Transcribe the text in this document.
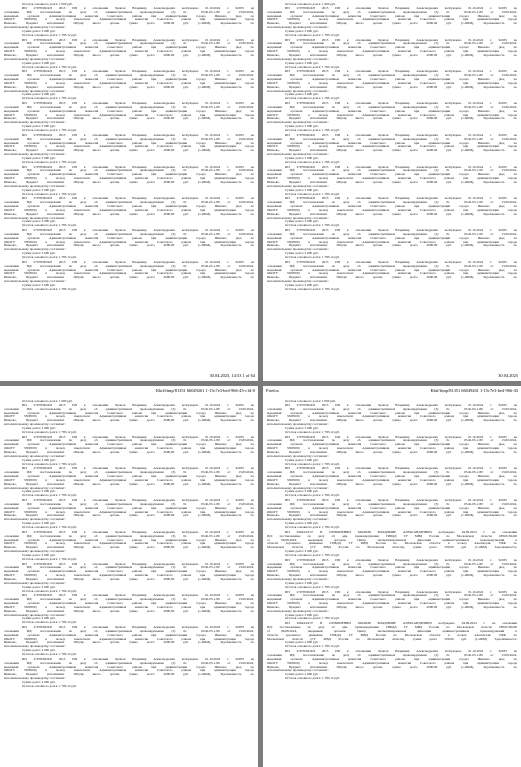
Остаток основного долга: 1 000 руб.
ИП 27978/0024/8 2015 ИП в отношении Храпов Владимир Александрович возбуждено 01.10.2024 г. 62035 на
основании ИД: постановление по делу об административном правонарушении (3) № 03-Ф-05-1-80 от 13.09.2024,
выданный органом: Административная комиссия Советского района при администрации города Иваново (код по
ОКОГУ 3300500) в пользу взыскателя: Административная комиссия Советского района при администрации города
Иваново, Предмет исполнения: Штраф иного органа, сумма долга 2000,00 руб. (1-ОБМ), Задолженность по
исполнительному производству составляет:
Сумма долга: 2 000 руб.
Остаток основного долга: 1 783.12 руб.
ИП 27978/0024/8 2015 ИП в отношении Храпов Владимир Александрович возбуждено 01.10.2024 г. 62035 на
основании ИД: постановление по делу об административном правонарушении (3) № 03-Ф-05-1-80 от 13.09.2024,
выданный органом: Административная комиссия Советского района при администрации города Иваново (код по
ОКОГУ 3300500) в пользу взыскателя: Административная комиссия Советского района при администрации города
Иваново, Предмет исполнения: Штраф иного органа, сумма долга 2000,00 руб. (1-ОБМ), Задолженность по
исполнительному производству составляет:
Сумма долга: 2 000 руб.
Остаток основного долга: 1 783.12 руб.
ИП 27978/0024/8 2015 ИП в отношении Храпов Владимир Александрович возбуждено 01.10.2024 г. 62035 на
основании ИД: постановление по делу об административном правонарушении (3) № 03-Ф-05-1-80 от 13.09.2024,
выданный органом: Административная комиссия Советского района при администрации города Иваново (код по
ОКОГУ 3300500) в пользу взыскателя: Административная комиссия Советского района при администрации города
Иваново, Предмет исполнения: Штраф иного органа, сумма долга 2000,00 руб. (1-ОБМ), Задолженность по
исполнительному производству составляет:
Сумма долга: 2 000 руб.
Остаток основного долга: 1 783.12 руб.
ИП 27978/0024/8 2015 ИП в отношении Храпов Владимир Александрович возбуждено 01.10.2024 г. 62035 на
основании ИД: постановление по делу об административном правонарушении (3) № 03-Ф-05-1-80 от 13.09.2024,
выданный органом: Административная комиссия Советского района при администрации города Иваново (код по
ОКОГУ 3300500) в пользу взыскателя: Административная комиссия Советского района при администрации города
Иваново, Предмет исполнения: Штраф иного органа, сумма долга 2000,00 руб. (1-ОБМ), Задолженность по
исполнительному производству составляет:
Сумма долга: 2 000 руб.
Остаток основного долга: 1 783.12 руб.
ИП 27978/0024/8 2015 ИП в отношении Храпов Владимир Александрович возбуждено 01.10.2024 г. 62035 на
основании ИД: постановление по делу об административном правонарушении (3) № 03-Ф-05-1-80 от 13.09.2024,
выданный органом: Административная комиссия Советского района при администрации города Иваново (код по
ОКОГУ 3300500) в пользу взыскателя: Административная комиссия Советского района при администрации города
Иваново, Предмет исполнения: Штраф иного органа, сумма долга 2000,00 руб. (1-ОБМ), Задолженность по
исполнительному производству составляет:
Сумма долга: 2 000 руб.
Остаток основного долга: 1 783.12 руб.
ИП 27978/0024/8 2015 ИП в отношении Храпов Владимир Александрович возбуждено 01.10.2024 г. 62035 на
основании ИД: постановление по делу об административном правонарушении (3) № 03-Ф-05-1-80 от 13.09.2024,
выданный органом: Административная комиссия Советского района при администрации города Иваново (код по
ОКОГУ 3300500) в пользу взыскателя: Административная комиссия Советского района при администрации города
Иваново, Предмет исполнения: Штраф иного органа, сумма долга 2000,00 руб. (1-ОБМ), Задолженность по
исполнительному производству составляет:
Сумма долга: 2 000 руб.
Остаток основного долга: 1 783.12 руб.
ИП 27978/0024/8 2015 ИП в отношении Храпов Владимир Александрович возбуждено 01.10.2024 г. 62035 на
основании ИД: постановление по делу об административном правонарушении (3) № 03-Ф-05-1-80 от 13.09.2024,
выданный органом: Административная комиссия Советского района при администрации города Иваново (код по
ОКОГУ 3300500) в пользу взыскателя: Административная комиссия Советского района при администрации города
Иваново, Предмет исполнения: Штраф иного органа, сумма долга 2000,00 руб. (1-ОБМ), Задолженность по
исполнительному производству составляет:
Сумма долга: 2 000 руб.
Остаток основного долга: 1 783.12 руб.
ИП 27978/0024/8 2015 ИП в отношении Храпов Владимир Александрович возбуждено 01.10.2024 г. 62035 на
основании ИД: постановление по делу об административном правонарушении (3) № 03-Ф-05-1-80 от 13.09.2024,
выданный органом: Административная комиссия Советского района при администрации города Иваново (код по
ОКОГУ 3300500) в пользу взыскателя: Административная комиссия Советского района при администрации города
Иваново, Предмет исполнения: Штраф иного органа, сумма долга 2000,00 руб. (1-ОБМ), Задолженность по
исполнительному производству составляет:
Сумма долга: 2 000 руб.
Остаток основного долга: 1 783.12 руб.
ИП 27978/0024/8 2015 ИП в отношении Храпов Владимир Александрович возбуждено 01.10.2024 г. 62035 на
основании ИД: постановление по делу об административном правонарушении (3) № 03-Ф-05-1-80 от 13.09.2024,
выданный органом: Административная комиссия Советского района при администрации города Иваново (код по
ОКОГУ 3300500) в пользу взыскателя: Административная комиссия Советского района при администрации города
Иваново, Предмет исполнения: Штраф иного органа, сумма долга 2000,00 руб. (1-ОБМ), Задолженность по
исполнительному производству составляет:
Сумма долга: 2 000 руб.
Остаток основного долга: 1 783.12 руб.
30.04.2025, 14:53 1 of 64
Остаток основного долга: 1 000 руб.
ИП 27978/0024/8 2015 ИП в отношении Храпов Владимир Александрович возбуждено 01.10.2024 г. 62035 на
основании ИД: постановление по делу об административном правонарушении (3) № 03-Ф-05-1-80 от 13.09.2024,
выданный органом: Административная комиссия Советского района при администрации города Иваново (код по
ОКОГУ 3300500) в пользу взыскателя: Административная комиссия Советского района при администрации города
Иваново, Предмет исполнения: Штраф иного органа, сумма долга 2000,00 руб. (1-ОБМ), Задолженность по
исполнительному производству составляет:
Сумма долга: 2 000 руб.
Остаток основного долга: 1 783.12 руб.
ИП 27978/0024/8 2015 ИП в отношении Храпов Владимир Александрович возбуждено 01.10.2024 г. 62035 на
основании ИД: постановление по делу об административном правонарушении (3) № 03-Ф-05-1-80 от 13.09.2024,
выданный органом: Административная комиссия Советского района при администрации города Иваново (код по
ОКОГУ 3300500) в пользу взыскателя: Административная комиссия Советского района при администрации города
Иваново, Предмет исполнения: Штраф иного органа, сумма долга 2000,00 руб. (1-ОБМ), Задолженность по
исполнительному производству составляет:
Сумма долга: 2 000 руб.
Остаток основного долга: 1 783.12 руб.
ИП 27978/0024/8 2015 ИП в отношении Храпов Владимир Александрович возбуждено 01.10.2024 г. 62035 на
основании ИД: постановление по делу об административном правонарушении (3) № 03-Ф-05-1-80 от 13.09.2024,
выданный органом: Административная комиссия Советского района при администрации города Иваново (код по
ОКОГУ 3300500) в пользу взыскателя: Административная комиссия Советского района при администрации города
Иваново, Предмет исполнения: Штраф иного органа, сумма долга 2000,00 руб. (1-ОБМ), Задолженность по
исполнительному производству составляет:
Сумма долга: 2 000 руб.
Остаток основного долга: 1 783.12 руб.
ИП 27978/0024/8 2015 ИП в отношении Храпов Владимир Александрович возбуждено 01.10.2024 г. 62035 на
основании ИД: постановление по делу об административном правонарушении (3) № 03-Ф-05-1-80 от 13.09.2024,
выданный органом: Административная комиссия Советского района при администрации города Иваново (код по
ОКОГУ 3300500) в пользу взыскателя: Административная комиссия Советского района при администрации города
Иваново, Предмет исполнения: Штраф иного органа, сумма долга 2000,00 руб. (1-ОБМ), Задолженность по
исполнительному производству составляет:
Сумма долга: 2 000 руб.
Остаток основного долга: 1 783.12 руб.
ИП 27978/0024/8 2015 ИП в отношении Храпов Владимир Александрович возбуждено 01.10.2024 г. 62035 на
основании ИД: постановление по делу об административном правонарушении (3) № 03-Ф-05-1-80 от 13.09.2024,
выданный органом: Административная комиссия Советского района при администрации города Иваново (код по
ОКОГУ 3300500) в пользу взыскателя: Административная комиссия Советского района при администрации города
Иваново, Предмет исполнения: Штраф иного органа, сумма долга 2000,00 руб. (1-ОБМ), Задолженность по
исполнительному производству составляет:
Сумма долга: 2 000 руб.
Остаток основного долга: 1 783.12 руб.
ИП 27978/0024/8 2015 ИП в отношении Храпов Владимир Александрович возбуждено 01.10.2024 г. 62035 на
основании ИД: постановление по делу об административном правонарушении (3) № 03-Ф-05-1-80 от 13.09.2024,
выданный органом: Административная комиссия Советского района при администрации города Иваново (код по
ОКОГУ 3300500) в пользу взыскателя: Административная комиссия Советского района при администрации города
Иваново, Предмет исполнения: Штраф иного органа, сумма долга 2000,00 руб. (1-ОБМ), Задолженность по
исполнительному производству составляет:
Сумма долга: 2 000 руб.
Остаток основного долга: 1 783.12 руб.
ИП 27978/0024/8 2015 ИП в отношении Храпов Владимир Александрович возбуждено 01.10.2024 г. 62035 на
основании ИД: постановление по делу об административном правонарушении (3) № 03-Ф-05-1-80 от 13.09.2024,
выданный органом: Административная комиссия Советского района при администрации города Иваново (код по
ОКОГУ 3300500) в пользу взыскателя: Административная комиссия Советского района при администрации города
Иваново, Предмет исполнения: Штраф иного органа, сумма долга 2000,00 руб. (1-ОБМ), Задолженность по
исполнительному производству составляет:
Сумма долга: 2 000 руб.
Остаток основного долга: 1 783.12 руб.
ИП 27978/0024/8 2015 ИП в отношении Храпов Владимир Александрович возбуждено 01.10.2024 г. 62035 на
основании ИД: постановление по делу об административном правонарушении (3) № 03-Ф-05-1-80 от 13.09.2024,
выданный органом: Административная комиссия Советского района при администрации города Иваново (код по
ОКОГУ 3300500) в пользу взыскателя: Административная комиссия Советского района при администрации города
Иваново, Предмет исполнения: Штраф иного органа, сумма долга 2000,00 руб. (1-ОБМ), Задолженность по
исполнительному производству составляет:
Сумма долга: 2 000 руб.
Остаток основного долга: 1 783.12 руб.
ИП 27978/0024/8 2015 ИП в отношении Храпов Владимир Александрович возбуждено 01.10.2024 г. 62035 на
основании ИД: постановление по делу об административном правонарушении (3) № 03-Ф-05-1-80 от 13.09.2024,
выданный органом: Административная комиссия Советского района при администрации города Иваново (код по
ОКОГУ 3300500) в пользу взыскателя: Административная комиссия Советского района при администрации города
Иваново, Предмет исполнения: Штраф иного органа, сумма долга 2000,00 руб. (1-ОБМ), Задолженность по
исполнительному производству составляет:
Сумма долга: 2 000 руб.
Остаток основного долга: 1 783.12 руб.
30.04.2025
Kbtf/ftmp/81351 66049261 1-15c7e3-be4-966-43-c1d-0
Остаток основного долга: 1 000 руб.
ИП 27978/0024/8 2015 ИП в отношении Храпов Владимир Александрович возбуждено 01.10.2024 г. 62035 на
основании ИД: постановление по делу об административном правонарушении (3) № 03-Ф-05-1-80 от 13.09.2024,
выданный органом: Административная комиссия Советского района при администрации города Иваново (код по
ОКОГУ 3300500) в пользу взыскателя: Административная комиссия Советского района при администрации города
Иваново, Предмет исполнения: Штраф иного органа, сумма долга 2000,00 руб. (1-ОБМ), Задолженность по
исполнительному производству составляет:
Сумма долга: 2 000 руб.
Остаток основного долга: 1 783.12 руб.
ИП 27978/0024/8 2015 ИП в отношении Храпов Владимир Александрович возбуждено 01.10.2024 г. 62035 на
основании ИД: постановление по делу об административном правонарушении (3) № 03-Ф-05-1-80 от 13.09.2024,
выданный органом: Административная комиссия Советского района при администрации города Иваново (код по
ОКОГУ 3300500) в пользу взыскателя: Административная комиссия Советского района при администрации города
Иваново, Предмет исполнения: Штраф иного органа, сумма долга 2000,00 руб. (1-ОБМ), Задолженность по
исполнительному производству составляет:
Сумма долга: 2 000 руб.
Остаток основного долга: 1 783.12 руб.
ИП 27978/0024/8 2015 ИП в отношении Храпов Владимир Александрович возбуждено 01.10.2024 г. 62035 на
основании ИД: постановление по делу об административном правонарушении (3) № 03-Ф-05-1-80 от 13.09.2024,
выданный органом: Административная комиссия Советского района при администрации города Иваново (код по
ОКОГУ 3300500) в пользу взыскателя: Административная комиссия Советского района при администрации города
Иваново, Предмет исполнения: Штраф иного органа, сумма долга 2000,00 руб. (1-ОБМ), Задолженность по
исполнительному производству составляет:
Сумма долга: 2 000 руб.
Остаток основного долга: 1 783.12 руб.
ИП 27978/0024/8 2015 ИП в отношении Храпов Владимир Александрович возбуждено 01.10.2024 г. 62035 на
основании ИД: постановление по делу об административном правонарушении (3) № 03-Ф-05-1-80 от 13.09.2024,
выданный органом: Административная комиссия Советского района при администрации города Иваново (код по
ОКОГУ 3300500) в пользу взыскателя: Административная комиссия Советского района при администрации города
Иваново, Предмет исполнения: Штраф иного органа, сумма долга 2000,00 руб. (1-ОБМ), Задолженность по
исполнительному производству составляет:
Сумма долга: 2 000 руб.
Остаток основного долга: 1 783.12 руб.
ИП 27978/0024/8 2015 ИП в отношении Храпов Владимир Александрович возбуждено 01.10.2024 г. 62035 на
основании ИД: постановление по делу об административном правонарушении (3) № 03-Ф-05-1-80 от 13.09.2024,
выданный органом: Административная комиссия Советского района при администрации города Иваново (код по
ОКОГУ 3300500) в пользу взыскателя: Административная комиссия Советского района при администрации города
Иваново, Предмет исполнения: Штраф иного органа, сумма долга 2000,00 руб. (1-ОБМ), Задолженность по
исполнительному производству составляет:
Сумма долга: 2 000 руб.
Остаток основного долга: 1 783.12 руб.
ИП 27978/0024/8 2015 ИП в отношении Храпов Владимир Александрович возбуждено 01.10.2024 г. 62035 на
основании ИД: постановление по делу об административном правонарушении (3) № 03-Ф-05-1-80 от 13.09.2024,
выданный органом: Административная комиссия Советского района при администрации города Иваново (код по
ОКОГУ 3300500) в пользу взыскателя: Административная комиссия Советского района при администрации города
Иваново, Предмет исполнения: Штраф иного органа, сумма долга 2000,00 руб. (1-ОБМ), Задолженность по
исполнительному производству составляет:
Сумма долга: 2 000 руб.
Остаток основного долга: 1 783.12 руб.
ИП 27978/0024/8 2015 ИП в отношении Храпов Владимир Александрович возбуждено 01.10.2024 г. 62035 на
основании ИД: постановление по делу об административном правонарушении (3) № 03-Ф-05-1-80 от 13.09.2024,
выданный органом: Административная комиссия Советского района при администрации города Иваново (код по
ОКОГУ 3300500) в пользу взыскателя: Административная комиссия Советского района при администрации города
Иваново, Предмет исполнения: Штраф иного органа, сумма долга 2000,00 руб. (1-ОБМ), Задолженность по
исполнительному производству составляет:
Сумма долга: 2 000 руб.
Остаток основного долга: 1 783.12 руб.
ИП 27978/0024/8 2015 ИП в отношении Храпов Владимир Александрович возбуждено 01.10.2024 г. 62035 на
основании ИД: постановление по делу об административном правонарушении (3) № 03-Ф-05-1-80 от 13.09.2024,
выданный органом: Административная комиссия Советского района при администрации города Иваново (код по
ОКОГУ 3300500) в пользу взыскателя: Административная комиссия Советского района при администрации города
Иваново, Предмет исполнения: Штраф иного органа, сумма долга 2000,00 руб. (1-ОБМ), Задолженность по
исполнительному производству составляет:
Сумма долга: 2 000 руб.
Остаток основного долга: 1 783.12 руб.
ИП 27978/0024/8 2015 ИП в отношении Храпов Владимир Александрович возбуждено 01.10.2024 г. 62035 на
основании ИД: постановление по делу об административном правонарушении (3) № 03-Ф-05-1-80 от 13.09.2024,
выданный органом: Административная комиссия Советского района при администрации города Иваново (код по
ОКОГУ 3300500) в пользу взыскателя: Административная комиссия Советского района при администрации города
Иваново, Предмет исполнения: Штраф иного органа, сумма долга 2000,00 руб. (1-ОБМ), Задолженность по
исполнительному производству составляет:
Сумма долга: 2 000 руб.
Остаток основного долга: 1 783.12 руб.
Firefox	Kbtf/ftmp/81351 66049261 1-15c7e3-be4-966-43
Остаток основного долга: 1 000 руб.
ИП 27978/0024/8 2015 ИП в отношении Храпов Владимир Александрович возбуждено 01.10.2024 г. 62035 на
основании ИД: постановление по делу об административном правонарушении (3) № 03-Ф-05-1-80 от 13.09.2024,
выданный органом: Административная комиссия Советского района при администрации города Иваново (код по
ОКОГУ 3300500) в пользу взыскателя: Административная комиссия Советского района при администрации города
Иваново, Предмет исполнения: Штраф иного органа, сумма долга 2000,00 руб. (1-ОБМ), Задолженность по
исполнительному производству составляет:
Сумма долга: 2 000 руб.
Остаток основного долга: 1 783.12 руб.
ИП 27978/0024/8 2015 ИП в отношении Храпов Владимир Александрович возбуждено 01.10.2024 г. 62035 на
основании ИД: постановление по делу об административном правонарушении (3) № 03-Ф-05-1-80 от 13.09.2024,
выданный органом: Административная комиссия Советского района при администрации города Иваново (код по
ОКОГУ 3300500) в пользу взыскателя: Административная комиссия Советского района при администрации города
Иваново, Предмет исполнения: Штраф иного органа, сумма долга 2000,00 руб. (1-ОБМ), Задолженность по
исполнительному производству составляет:
Сумма долга: 2 000 руб.
Остаток основного долга: 1 783.12 руб.
ИП 27978/0024/8 2015 ИП в отношении Храпов Владимир Александрович возбуждено 01.10.2024 г. 62035 на
основании ИД: постановление по делу об административном правонарушении (3) № 03-Ф-05-1-80 от 13.09.2024,
выданный органом: Административная комиссия Советского района при администрации города Иваново (код по
ОКОГУ 3300500) в пользу взыскателя: Административная комиссия Советского района при администрации города
Иваново, Предмет исполнения: Штраф иного органа, сумма долга 2000,00 руб. (1-ОБМ), Задолженность по
исполнительному производству составляет:
Сумма долга: 2 000 руб.
Остаток основного долга: 1 783.12 руб.
ИП 27978/0024/8 2015 ИП в отношении Храпов Владимир Александрович возбуждено 01.10.2024 г. 62035 на
основании ИД: постановление по делу об административном правонарушении (3) № 03-Ф-05-1-80 от 13.09.2024,
выданный органом: Административная комиссия Советского района при администрации города Иваново (код по
ОКОГУ 3300500) в пользу взыскателя: Административная комиссия Советского района при администрации города
Иваново, Предмет исполнения: Штраф иного органа, сумма долга 2000,00 руб. (1-ОБМ), Задолженность по
исполнительному производству составляет:
Сумма долга: 2 000 руб.
Остаток основного долга: 1 783.12 руб.
ИП 29944/24/37 В ОТНОШЕНИИ ХРАПОВ ВЛАДИМИР АЛЕКСАНДРОВИЧ возбуждено 04.09.2024 г. на основании
ИД: постановление по делу об адм. правонарушении ГИБДД ГУ МВД России по Московской области 18810150240
от 06.08.2024, выданный органом: Центр автоматизированной фиксации административных правонарушений в
области дорожного движения ГИБДД ГУ МВД России по Московской области в пользу взыскателя: УФК по
Московской области (ГУ МВД России по Московской области), сумма долга 500,00 руб. (1-ОБМ) Задолженность:
Сумма долга: 2 000 руб.
Остаток основного долга: 1 783.12 руб.
ИП 27978/0024/8 2015 ИП в отношении Храпов Владимир Александрович возбуждено 01.10.2024 г. 62035 на
основании ИД: постановление по делу об административном правонарушении (3) № 03-Ф-05-1-80 от 13.09.2024,
выданный органом: Административная комиссия Советского района при администрации города Иваново (код по
ОКОГУ 3300500) в пользу взыскателя: Административная комиссия Советского района при администрации города
Иваново, Предмет исполнения: Штраф иного органа, сумма долга 2000,00 руб. (1-ОБМ), Задолженность по
исполнительному производству составляет:
Сумма долга: 2 000 руб.
Остаток основного долга: 1 783.12 руб.
ИП 27978/0024/8 2015 ИП в отношении Храпов Владимир Александрович возбуждено 01.10.2024 г. 62035 на
основании ИД: постановление по делу об административном правонарушении (3) № 03-Ф-05-1-80 от 13.09.2024,
выданный органом: Административная комиссия Советского района при администрации города Иваново (код по
ОКОГУ 3300500) в пользу взыскателя: Административная комиссия Советского района при администрации города
Иваново, Предмет исполнения: Штраф иного органа, сумма долга 2000,00 руб. (1-ОБМ), Задолженность по
исполнительному производству составляет:
Сумма долга: 2 000 руб.
Остаток основного долга: 1 783.12 руб.
ИП 29944/24/37 В ОТНОШЕНИИ ХРАПОВ ВЛАДИМИР АЛЕКСАНДРОВИЧ возбуждено 04.09.2024 г. на основании
ИД: постановление по делу об адм. правонарушении ГИБДД ГУ МВД России по Московской области 18810150240
от 06.08.2024, выданный органом: Центр автоматизированной фиксации административных правонарушений в
области дорожного движения ГИБДД ГУ МВД России по Московской области в пользу взыскателя: УФК по
Московской области (ГУ МВД России по Московской области), сумма долга 500,00 руб. (1-ОБМ) Задолженность:
Сумма долга: 2 000 руб.
Остаток основного долга: 1 783.12 руб.
ИП 27978/0024/8 2015 ИП в отношении Храпов Владимир Александрович возбуждено 01.10.2024 г. 62035 на
основании ИД: постановление по делу об административном правонарушении (3) № 03-Ф-05-1-80 от 13.09.2024,
выданный органом: Административная комиссия Советского района при администрации города Иваново (код по
ОКОГУ 3300500) в пользу взыскателя: Административная комиссия Советского района при администрации города
Иваново, Предмет исполнения: Штраф иного органа, сумма долга 2000,00 руб. (1-ОБМ), Задолженность по
исполнительному производству составляет:
Сумма долга: 2 000 руб.
Остаток основного долга: 1 783.12 руб.
